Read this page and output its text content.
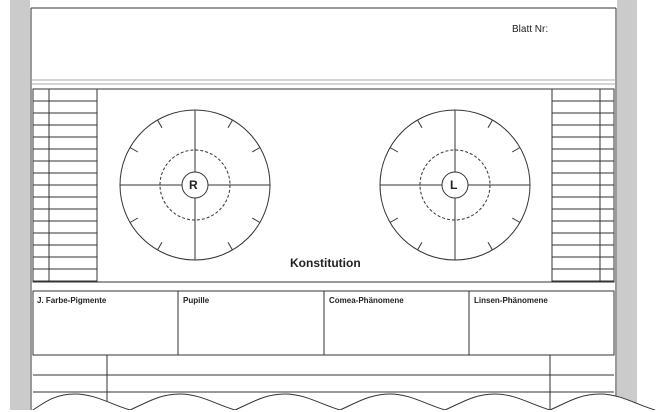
Blatt Nr:
R	L
Konstitution
J. Farbe-Pigmente	Pupille	Comea-Phänomene	Linsen-Phänomene
